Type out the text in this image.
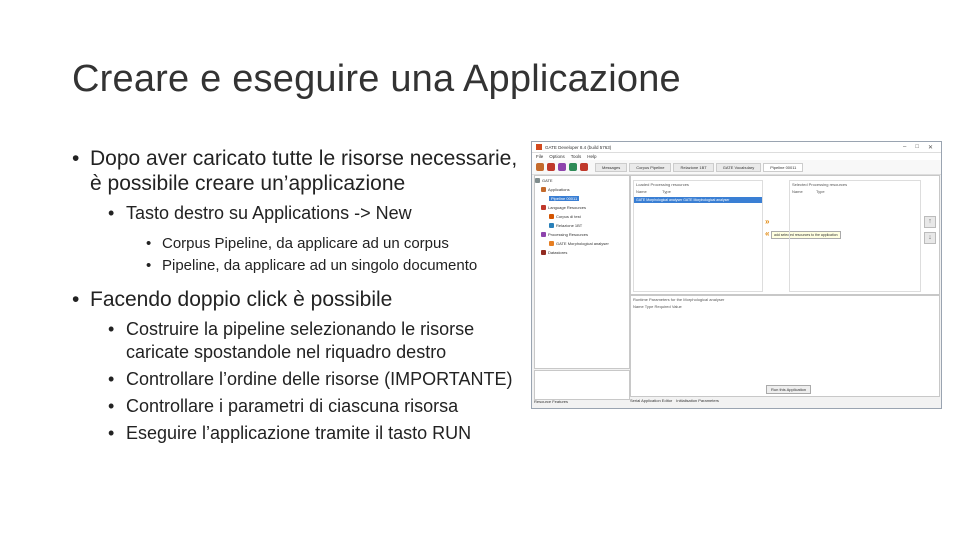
Creare e eseguire una Applicazione
• Dopo aver caricato tutte le risorse necessarie, è possibile creare un’applicazione
• Tasto destro su Applications -> New
• Corpus Pipeline, da applicare ad un corpus
• Pipeline, da applicare ad un singolo documento
• Facendo doppio click è possibile
• Costruire la pipeline selezionando le risorse caricate spostandole nel riquadro destro
• Controllare l’ordine delle risorse (IMPORTANTE)
• Controllare i parametri di ciascuna risorsa
• Eseguire l’applicazione tramite il tasto RUN
GATE Developer 8.4 (build 5763)	– □ ✕
File Options Tools Help
Messages	Corpus Pipeline	Relazione 1BT	GATE Vocabulary	Pipeline 00011
GATE
Applications
Pipeline 00011
Language Resources
Corpus di test
Relazione 1BT
Processing Resources
GATE Morphological analyser
Datastores
Resource Features
Loaded Processing resources
Name	Type
GATE Morphological analyser GATE Morphological analyser
»
«	add selected resources to the application
Selected Processing resources
Name	Type
↑
↓
Runtime Parameters for the Morphological analyser
Name Type Required Value
Run this Application
Serial Application Editor Initialisation Parameters
